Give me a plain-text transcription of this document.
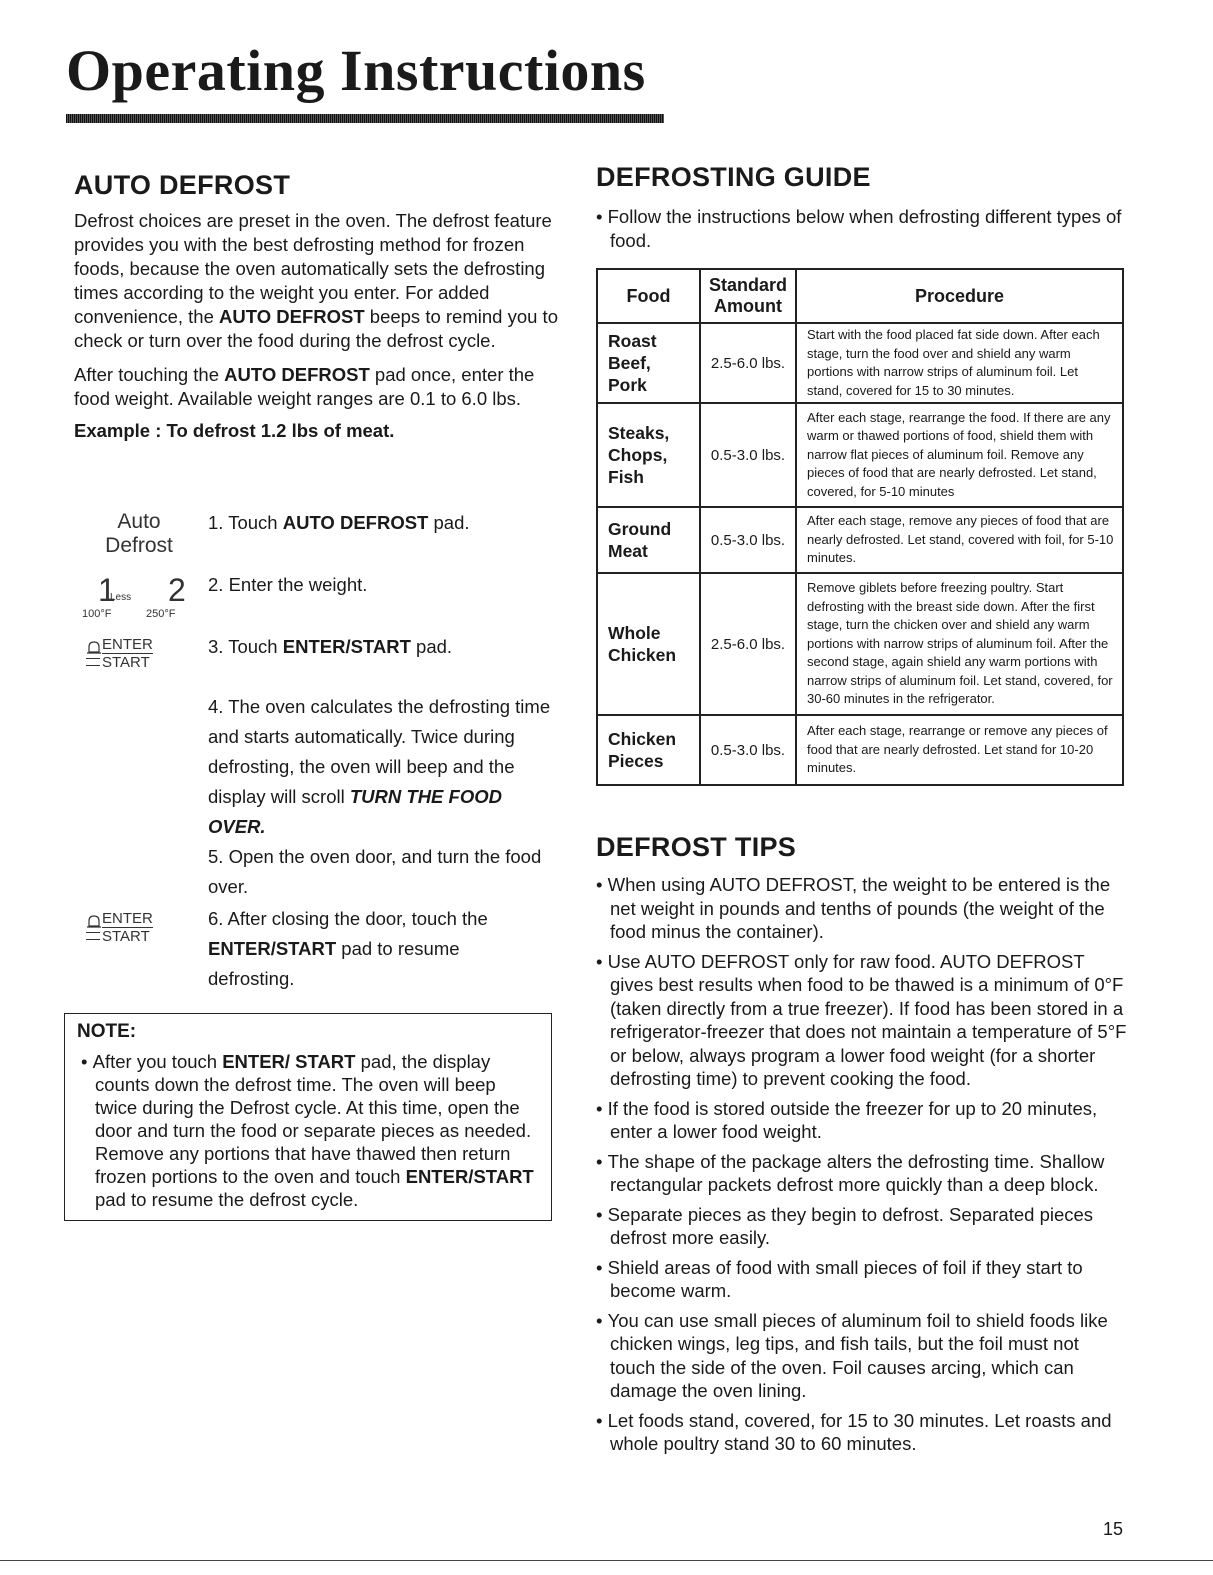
Operating Instructions
AUTO DEFROST

Defrost choices are preset in the oven. The defrost feature provides you with the best defrosting method for frozen foods, because the oven automatically sets the defrosting times according to the weight you enter. For added convenience, the AUTO DEFROST beeps to remind you to check or turn over the food during the defrost cycle.

After touching the AUTO DEFROST pad once, enter the food weight. Available weight ranges are 0.1 to 6.0 lbs.

Example : To defrost 1.2 lbs of meat.
Auto
Defrost
1
Less 2
100°F	250°F
ENTER
START
ENTER
START
1. Touch AUTO DEFROST pad.
2. Enter the weight.
3. Touch ENTER/START pad.
4. The oven calculates the defrosting time and starts automatically. Twice during defrosting, the oven will beep and the display will scroll TURN THE FOOD OVER.
5. Open the oven door, and turn the food over.
6. After closing the door, touch the ENTER/START pad to resume defrosting.
NOTE:
• After you touch ENTER/ START pad, the display counts down the defrost time. The oven will beep twice during the Defrost cycle. At this time, open the door and turn the food or separate pieces as needed. Remove any portions that have thawed then return frozen portions to the oven and touch ENTER/START pad to resume the defrost cycle.
DEFROSTING GUIDE

• Follow the instructions below when defrosting different types of food.

Food	Standard Amount	Procedure
Roast Beef, Pork	2.5-6.0 lbs.	Start with the food placed fat side down. After each stage, turn the food over and shield any warm portions with narrow strips of aluminum foil. Let stand, covered for 15 to 30 minutes.
Steaks, Chops, Fish	0.5-3.0 lbs.	After each stage, rearrange the food. If there are any warm or thawed portions of food, shield them with narrow flat pieces of aluminum foil. Remove any pieces of food that are nearly defrosted. Let stand, covered, for 5-10 minutes
Ground Meat	0.5-3.0 lbs.	After each stage, remove any pieces of food that are nearly defrosted. Let stand, covered with foil, for 5-10 minutes.
Whole Chicken	2.5-6.0 lbs.	Remove giblets before freezing poultry. Start defrosting with the breast side down. After the first stage, turn the chicken over and shield any warm portions with narrow strips of aluminum foil. After the second stage, again shield any warm portions with narrow strips of aluminum foil. Let stand, covered, for 30-60 minutes in the refrigerator.
Chicken Pieces	0.5-3.0 lbs.	After each stage, rearrange or remove any pieces of food that are nearly defrosted. Let stand for 10-20 minutes.
DEFROST TIPS
• When using AUTO DEFROST, the weight to be entered is the net weight in pounds and tenths of pounds (the weight of the food minus the container).
• Use AUTO DEFROST only for raw food. AUTO DEFROST gives best results when food to be thawed is a minimum of 0°F (taken directly from a true freezer). If food has been stored in a refrigerator-freezer that does not maintain a temperature of 5°F or below, always program a lower food weight (for a shorter defrosting time) to prevent cooking the food.
• If the food is stored outside the freezer for up to 20 minutes, enter a lower food weight.
• The shape of the package alters the defrosting time. Shallow rectangular packets defrost more quickly than a deep block.
• Separate pieces as they begin to defrost. Separated pieces defrost more easily.
• Shield areas of food with small pieces of foil if they start to become warm.
• You can use small pieces of aluminum foil to shield foods like chicken wings, leg tips, and fish tails, but the foil must not touch the side of the oven. Foil causes arcing, which can damage the oven lining.
• Let foods stand, covered, for 15 to 30 minutes. Let roasts and whole poultry stand 30 to 60 minutes.
15
